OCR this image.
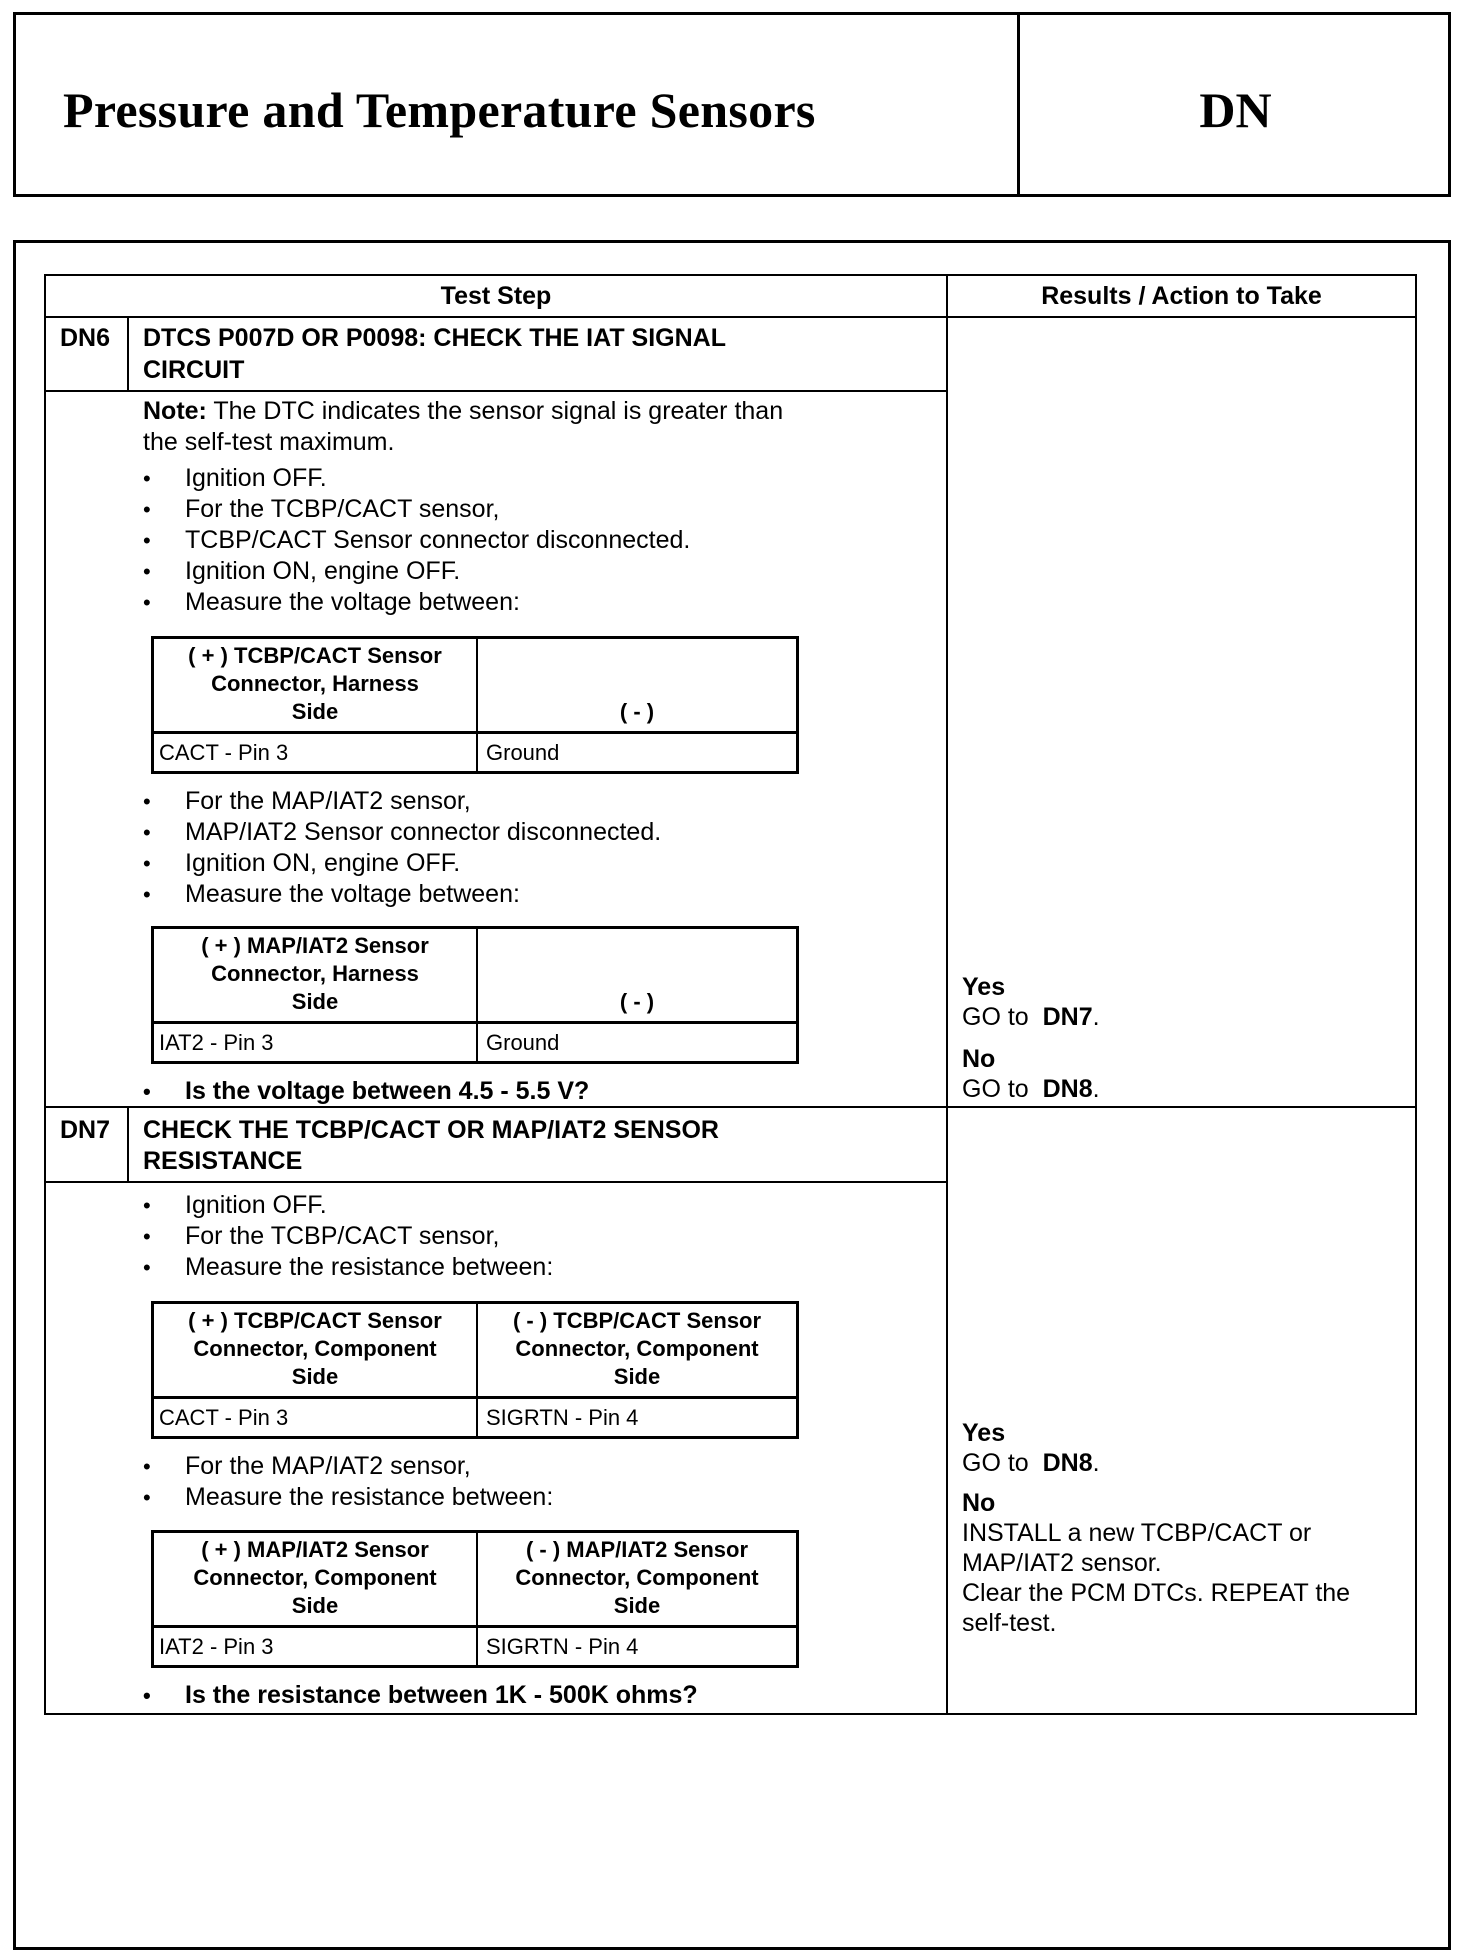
Pressure and Temperature Sensors	DN
Test Step	Results / Action to Take
DN6 DTCS P007D OR P0098: CHECK THE IAT SIGNAL
CIRCUIT
Note: The DTC indicates the sensor signal is greater than
the self-test maximum.
• Ignition OFF.
• For the TCBP/CACT sensor,
• TCBP/CACT Sensor connector disconnected.
• Ignition ON, engine OFF.
• Measure the voltage between:
( + ) TCBP/CACT Sensor
Connector, Harness
Side	( - )
CACT - Pin 3	Ground
• For the MAP/IAT2 sensor,
• MAP/IAT2 Sensor connector disconnected.
• Ignition ON, engine OFF.
• Measure the voltage between:
( + ) MAP/IAT2 Sensor
Connector, Harness
Side	( - )
IAT2 - Pin 3	Ground
• Is the voltage between 4.5 - 5.5 V?
Yes
GO to DN7.
No
GO to DN8.
DN7 CHECK THE TCBP/CACT OR MAP/IAT2 SENSOR
RESISTANCE
• Ignition OFF.
• For the TCBP/CACT sensor,
• Measure the resistance between:
( + ) TCBP/CACT Sensor
Connector, Component
Side
( - ) TCBP/CACT Sensor
Connector, Component
Side
CACT - Pin 3	SIGRTN - Pin 4
• For the MAP/IAT2 sensor,
• Measure the resistance between:
( + ) MAP/IAT2 Sensor
Connector, Component
Side
( - ) MAP/IAT2 Sensor
Connector, Component
Side
IAT2 - Pin 3	SIGRTN - Pin 4
• Is the resistance between 1K - 500K ohms?
Yes
GO to DN8.
No
INSTALL a new TCBP/CACT or
MAP/IAT2 sensor.
Clear the PCM DTCs. REPEAT the
self-test.
